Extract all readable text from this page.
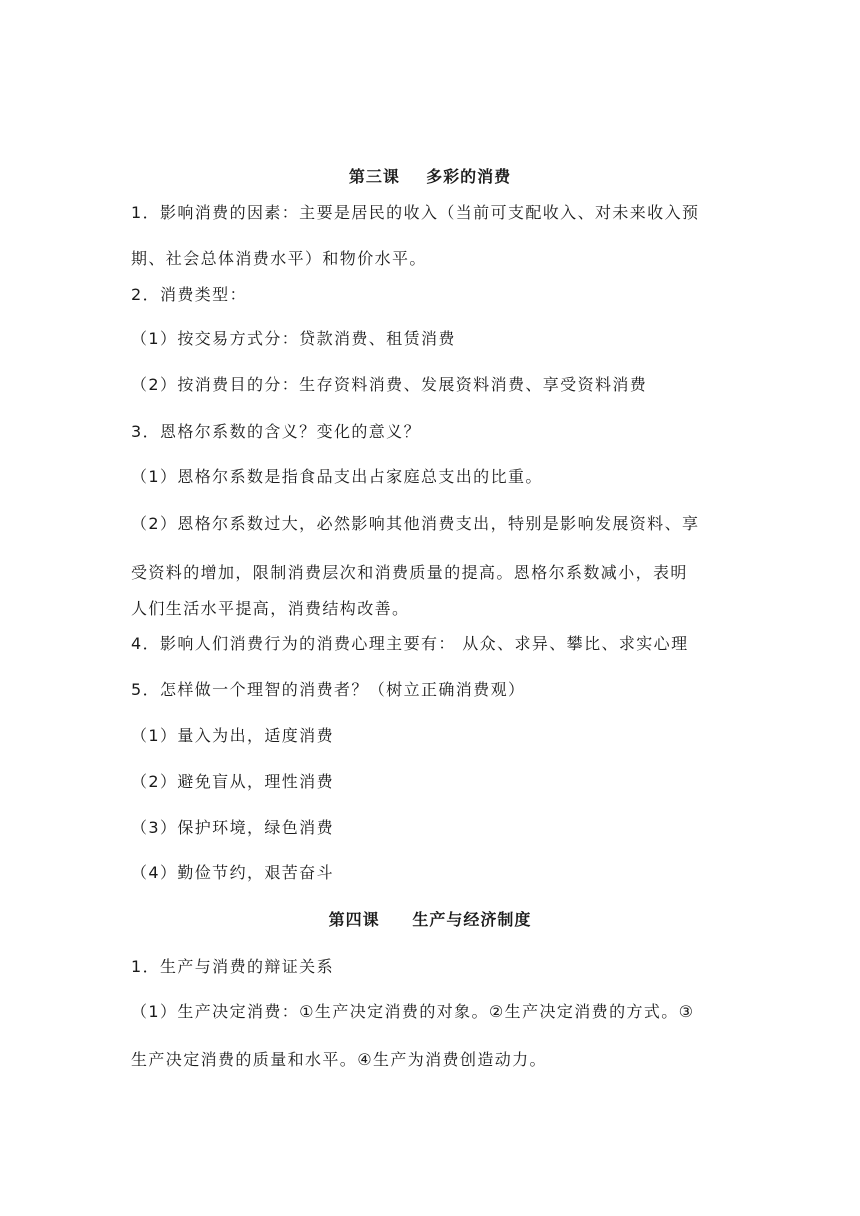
第三课    多彩的消费
1．影响消费的因素：主要是居民的收入（当前可支配收入、对未来收入预
期、社会总体消费水平）和物价水平。
2．消费类型：
（1）按交易方式分：贷款消费、租赁消费
（2）按消费目的分：生存资料消费、发展资料消费、享受资料消费
3．恩格尔系数的含义？变化的意义？
（1）恩格尔系数是指食品支出占家庭总支出的比重。
（2）恩格尔系数过大，必然影响其他消费支出，特别是影响发展资料、享
受资料的增加，限制消费层次和消费质量的提高。恩格尔系数减小，表明
人们生活水平提高，消费结构改善。
4．影响人们消费行为的消费心理主要有： 从众、求异、攀比、求实心理
5．怎样做一个理智的消费者？（树立正确消费观）
（1）量入为出，适度消费
（2）避免盲从，理性消费
（3）保护环境，绿色消费
（4）勤俭节约，艰苦奋斗
第四课     生产与经济制度
1．生产与消费的辩证关系
（1）生产决定消费：①生产决定消费的对象。②生产决定消费的方式。③
生产决定消费的质量和水平。④生产为消费创造动力。
